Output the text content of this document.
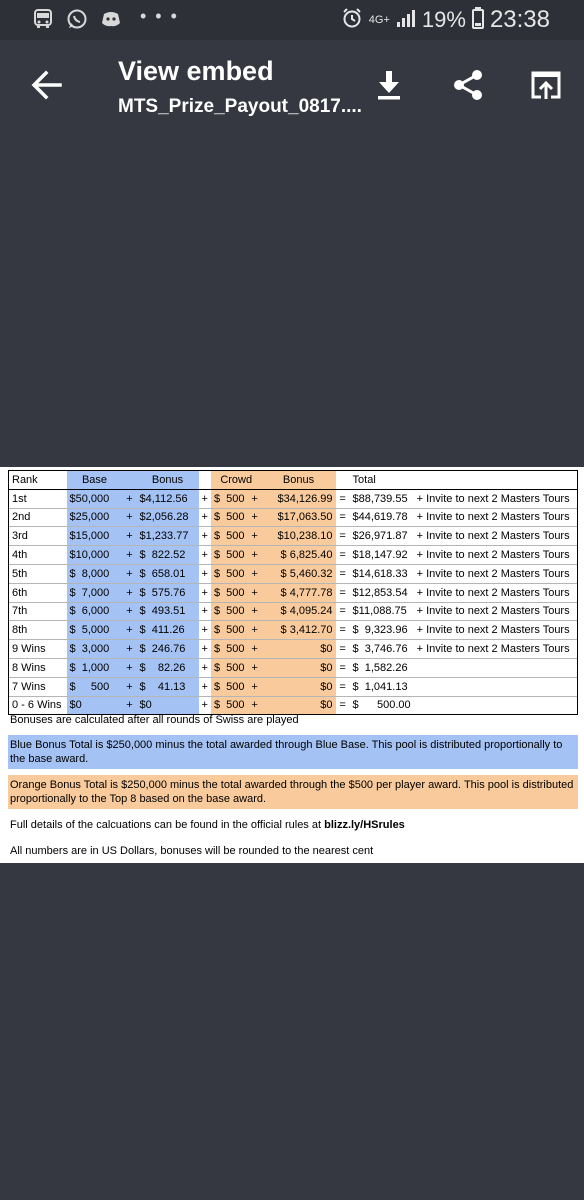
• • •	4G+ 19% 23:38
View embed
MTS_Prize_Payout_0817....
Rank	Base		Bonus		Crowd		Bonus		Total	
1st	$50,000	+	$4,112.56	+	$  500	+	$34,126.99	=	$88,739.55	+ Invite to next 2 Masters Tours
2nd	$25,000	+	$2,056.28	+	$  500	+	$17,063.50	=	$44,619.78	+ Invite to next 2 Masters Tours
3rd	$15,000	+	$1,233.77	+	$  500	+	$10,238.10	=	$26,971.87	+ Invite to next 2 Masters Tours
4th	$10,000	+	$  822.52	+	$  500	+	$ 6,825.40	=	$18,147.92	+ Invite to next 2 Masters Tours
5th	$  8,000	+	$  658.01	+	$  500	+	$ 5,460.32	=	$14,618.33	+ Invite to next 2 Masters Tours
6th	$  7,000	+	$  575.76	+	$  500	+	$ 4,777.78	=	$12,853.54	+ Invite to next 2 Masters Tours
7th	$  6,000	+	$  493.51	+	$  500	+	$ 4,095.24	=	$11,088.75	+ Invite to next 2 Masters Tours
8th	$  5,000	+	$  411.26	+	$  500	+	$ 3,412.70	=	$  9,323.96	+ Invite to next 2 Masters Tours
9 Wins	$  3,000	+	$  246.76	+	$  500	+	$0	=	$  3,746.76	+ Invite to next 2 Masters Tours
8 Wins	$  1,000	+	$    82.26	+	$  500	+	$0	=	$  1,582.26	
7 Wins	$     500	+	$    41.13	+	$  500	+	$0	=	$  1,041.13	
0 - 6 Wins	$0	+	$0	+	$  500	+	$0	=	$      500.00	
Bonuses are calculated after all rounds of Swiss are played
Blue Bonus Total is $250,000 minus the total awarded through Blue Base. This pool is distributed proportionally to the base award.
Orange Bonus Total is $250,000 minus the total awarded through the $500 per player award. This pool is distributed proportionally to the Top 8 based on the base award.
Full details of the calcuations can be found in the official rules at blizz.ly/HSrules
All numbers are in US Dollars, bonuses will be rounded to the nearest cent
